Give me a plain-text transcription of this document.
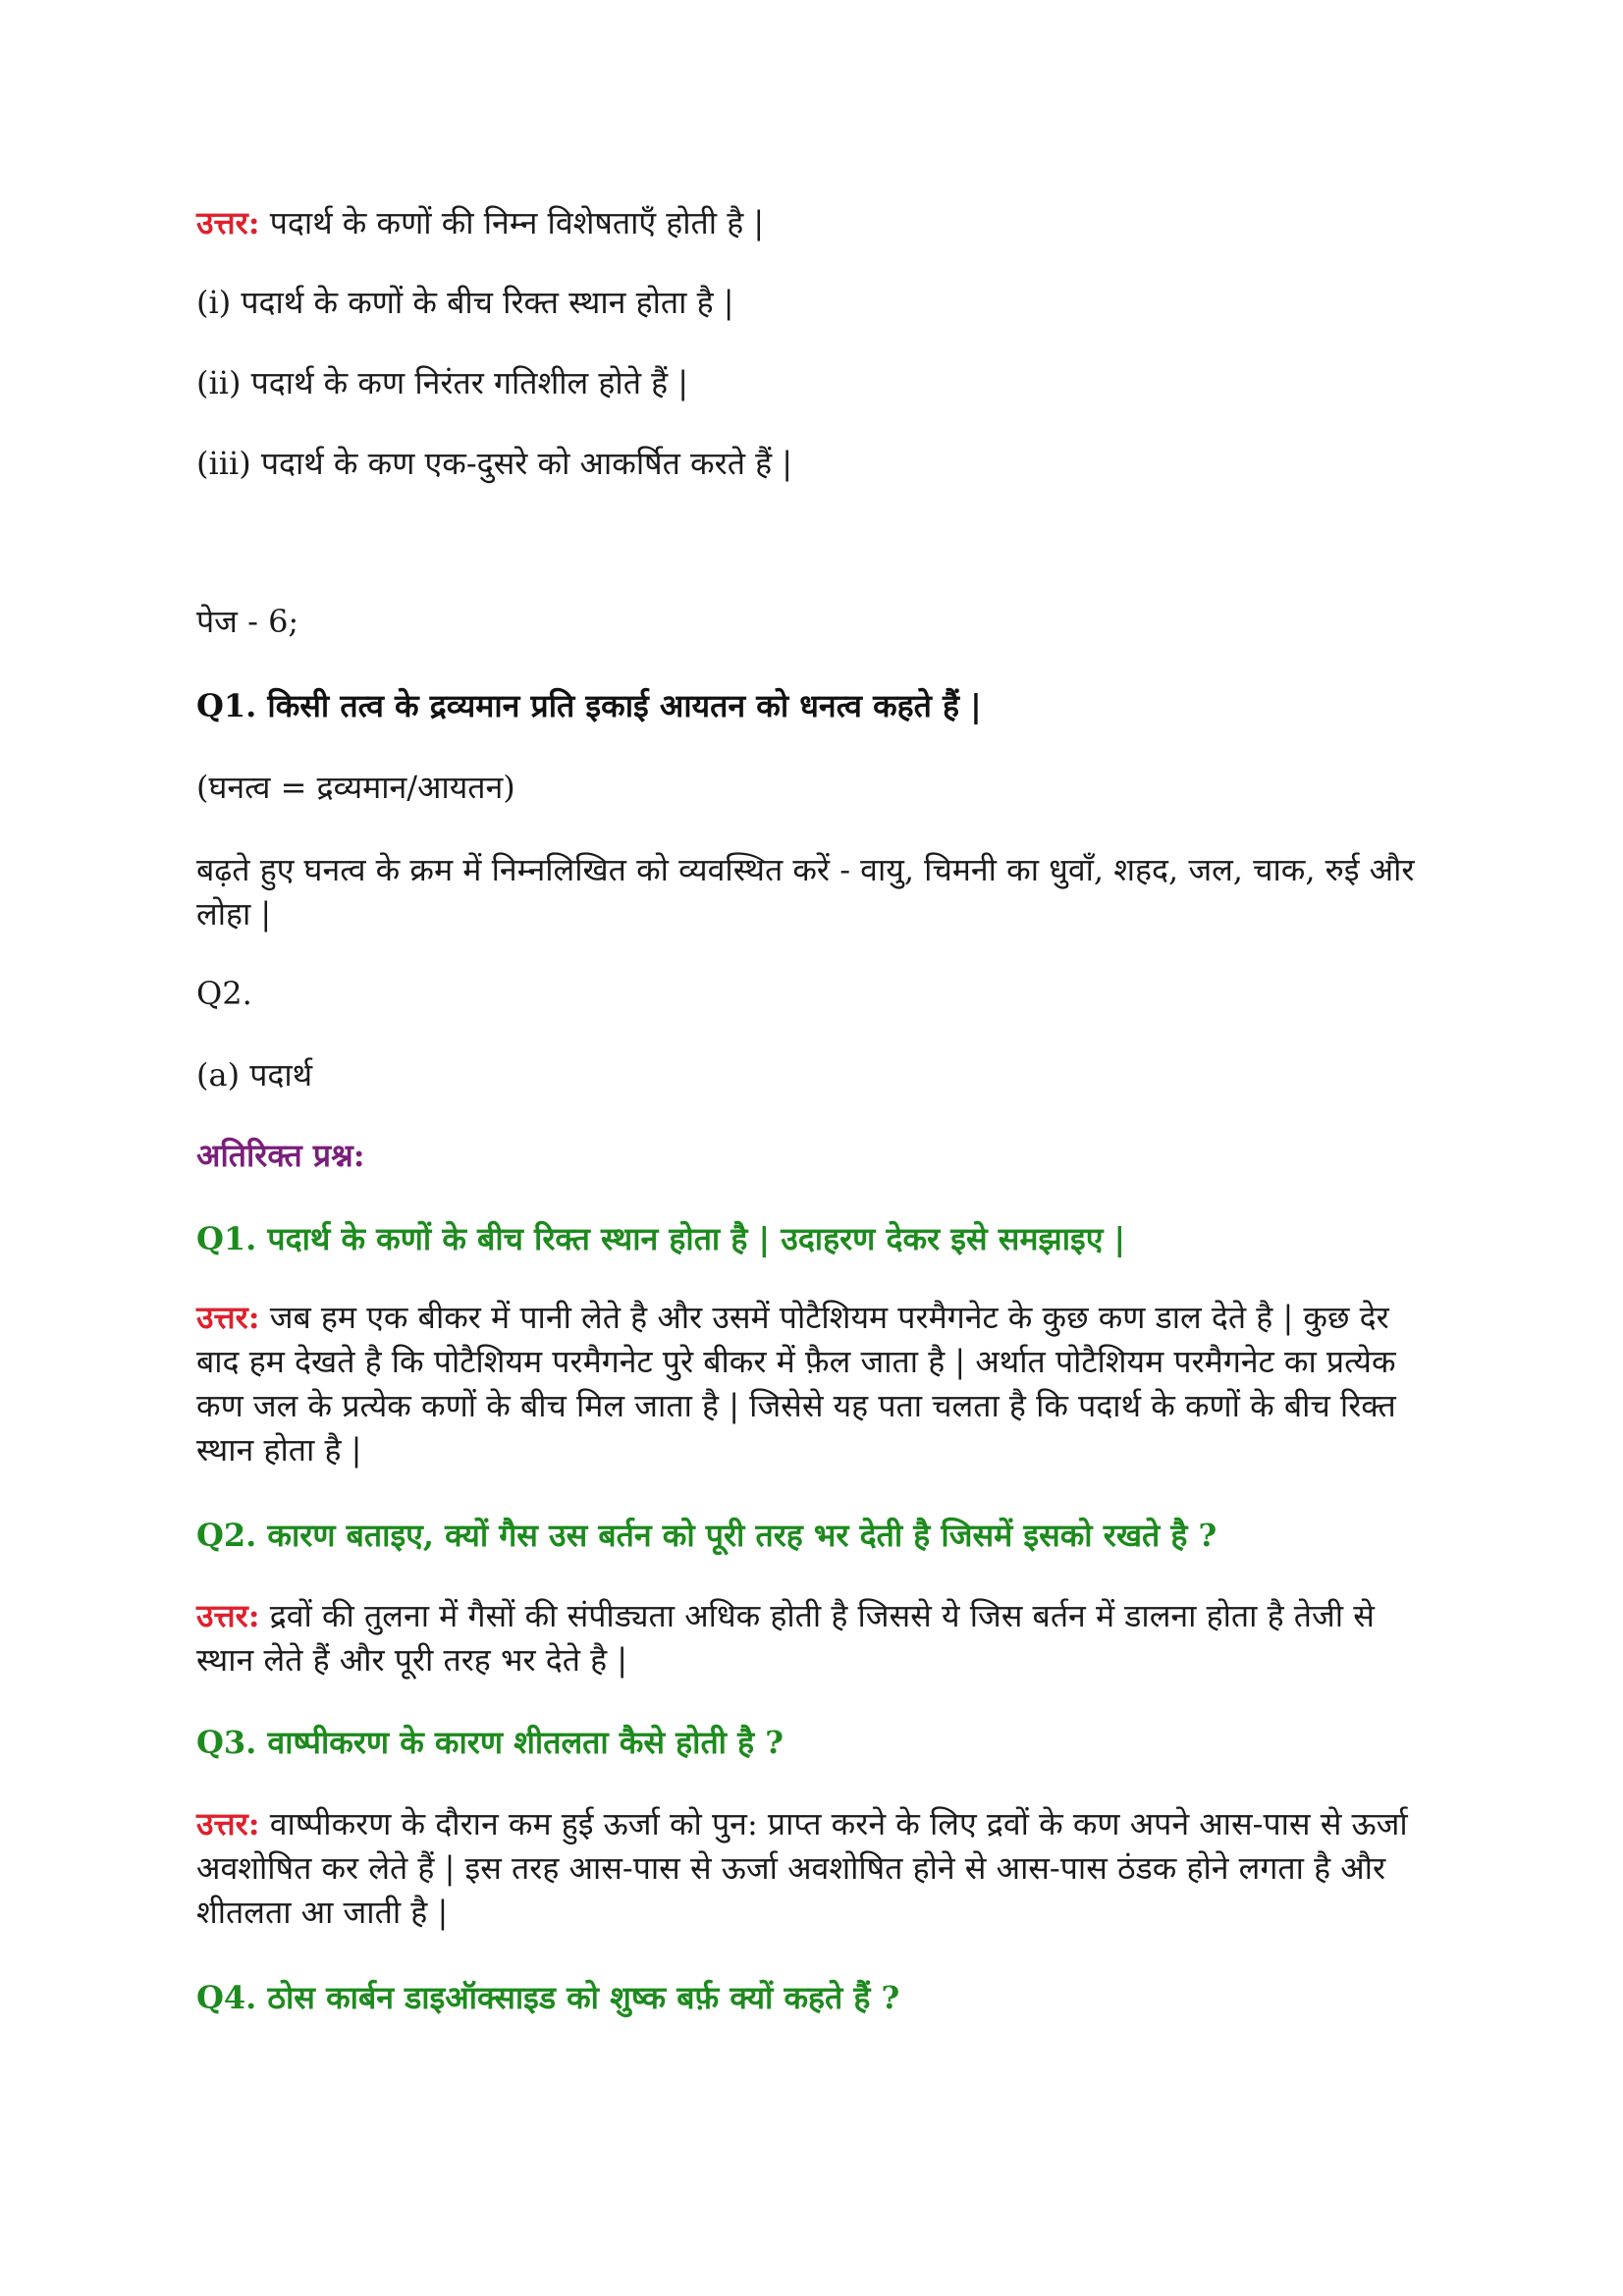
उत्तर: पदार्थ के कणों की निम्न विशेषताएँ होती है |
(i) पदार्थ के कणों के बीच रिक्त स्थान होता है |
(ii) पदार्थ के कण निरंतर गतिशील होते हैं |
(iii) पदार्थ के कण एक-दुसरे को आकर्षित करते हैं |
पेज - 6;
Q1. किसी तत्व के द्रव्यमान प्रति इकाई आयतन को धनत्व कहते हैं |
(घनत्व = द्रव्यमान/आयतन)
बढ़ते हुए घनत्व के क्रम में निम्नलिखित को व्यवस्थित करें - वायु, चिमनी का धुवाँ, शहद, जल, चाक, रुई और लोहा |
Q2.
(a) पदार्थ
अतिरिक्त प्रश्न:
Q1. पदार्थ के कणों के बीच रिक्त स्थान होता है | उदाहरण देकर इसे समझाइए |
उत्तर: जब हम एक बीकर में पानी लेते है और उसमें पोटैशियम परमैगनेट के कुछ कण डाल देते है | कुछ देर बाद हम देखते है कि पोटैशियम परमैगनेट पुरे बीकर में फ़ैल जाता है | अर्थात पोटैशियम परमैगनेट का प्रत्येक कण जल के प्रत्येक कणों के बीच मिल जाता है | जिसेसे यह पता चलता है कि पदार्थ के कणों के बीच रिक्त स्थान होता है |
Q2. कारण बताइए, क्यों गैस उस बर्तन को पूरी तरह भर देती है जिसमें इसको रखते है ?
उत्तर: द्रवों की तुलना में गैसों की संपीड्यता अधिक होती है जिससे ये जिस बर्तन में डालना होता है तेजी से स्थान लेते हैं और पूरी तरह भर देते है |
Q3. वाष्पीकरण के कारण शीतलता कैसे होती है ?
उत्तर: वाष्पीकरण के दौरान कम हुई ऊर्जा को पुन: प्राप्त करने के लिए द्रवों के कण अपने आस-पास से ऊर्जा अवशोषित कर लेते हैं | इस तरह आस-पास से ऊर्जा अवशोषित होने से आस-पास ठंडक होने लगता है और शीतलता आ जाती है |
Q4. ठोस कार्बन डाइऑक्साइड को शुष्क बर्फ़ क्यों कहते हैं ?
